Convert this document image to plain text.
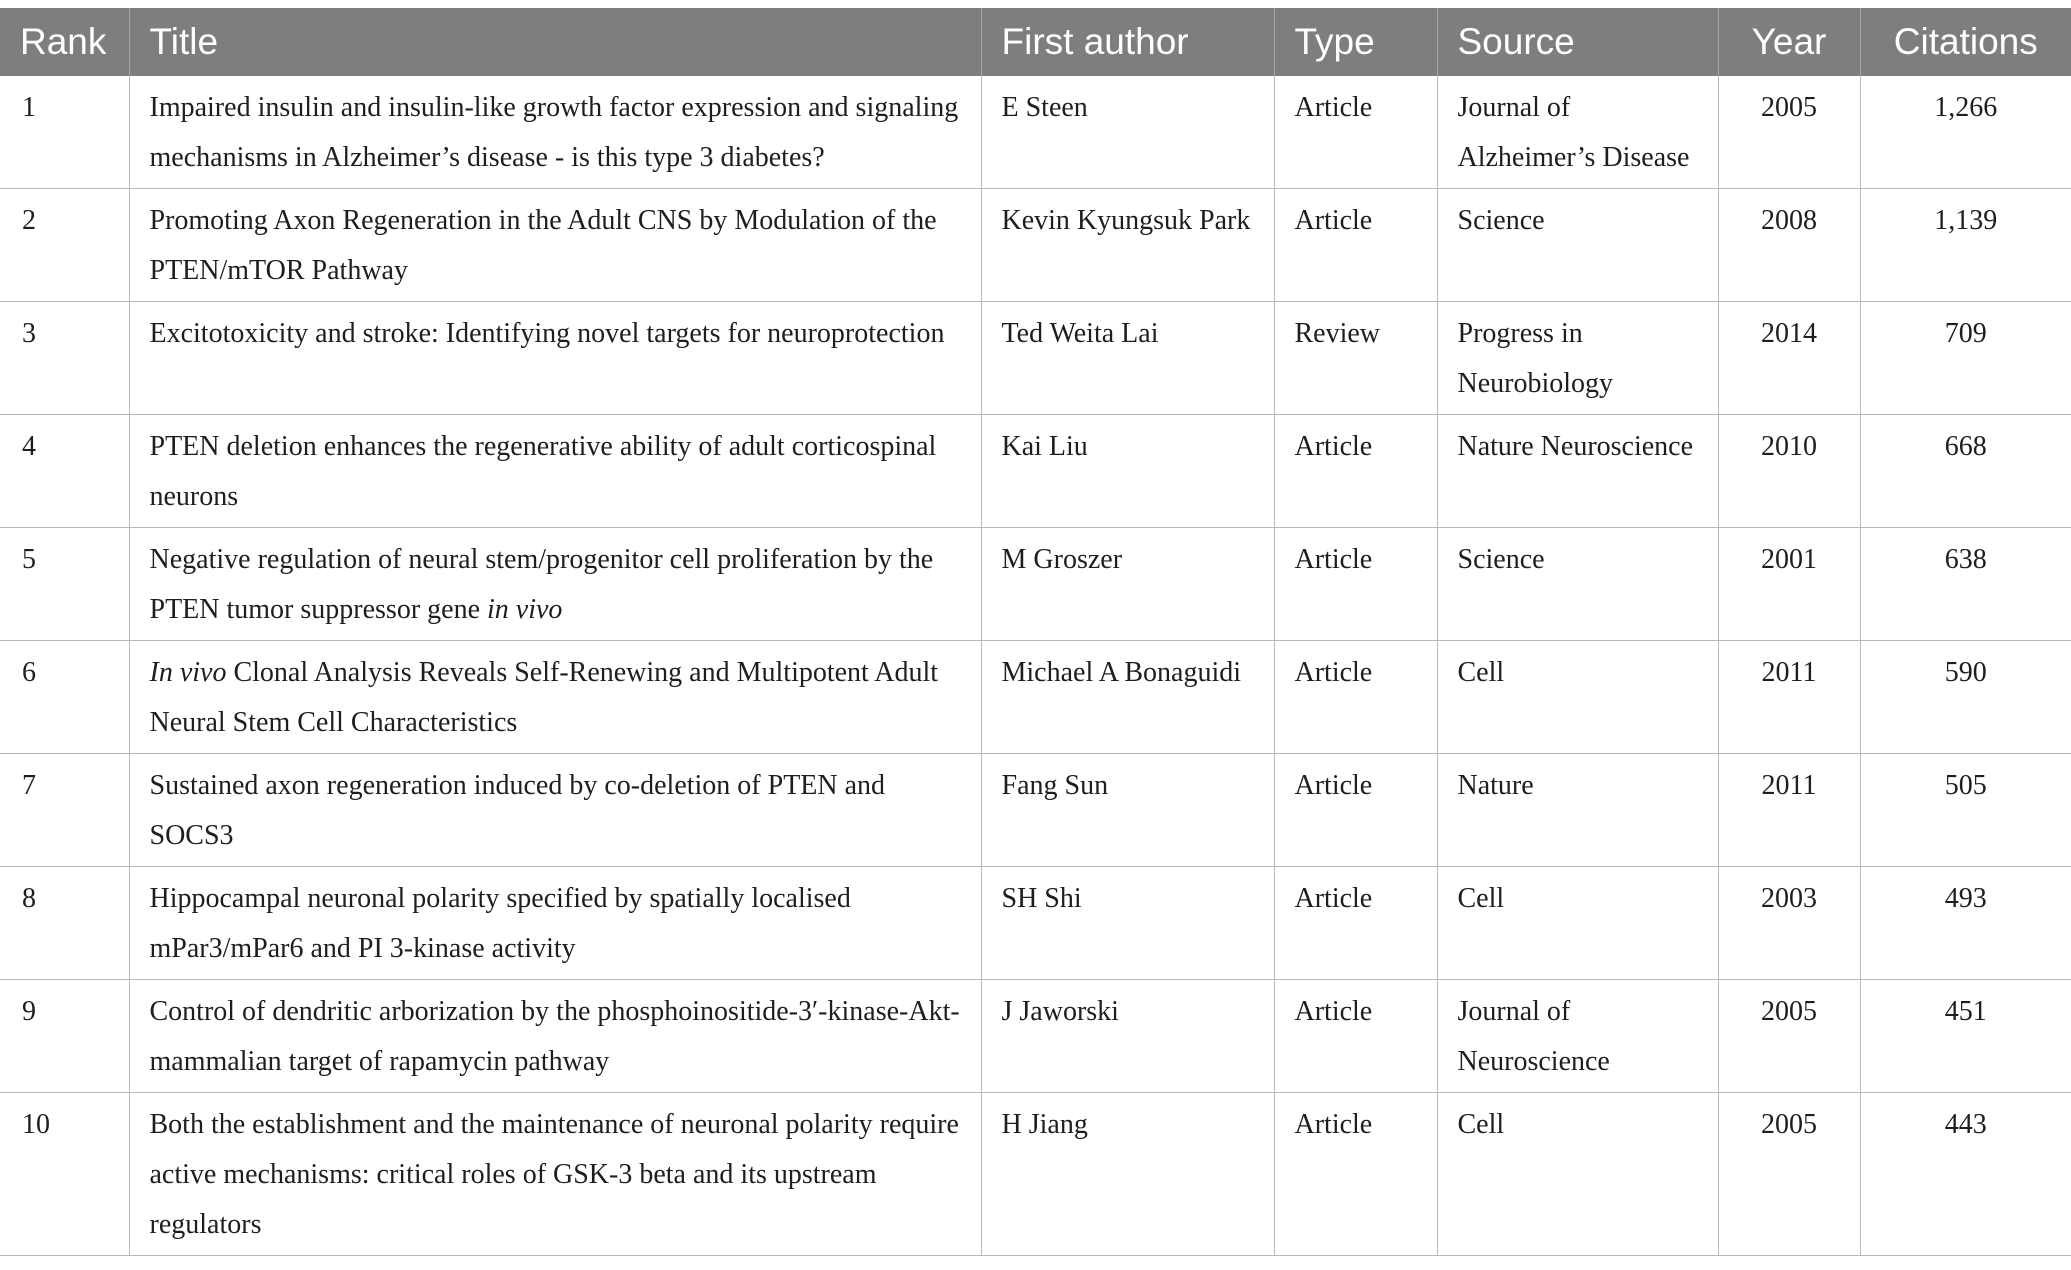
Rank	Title	First author	Type	Source	Year	Citations
1	Impaired insulin and insulin-like growth factor expression and signaling mechanisms in Alzheimer’s disease - is this type 3 diabetes?	E Steen	Article	Journal of Alzheimer’s Disease	2005	1,266
2	Promoting Axon Regeneration in the Adult CNS by Modulation of the PTEN/mTOR Pathway	Kevin Kyungsuk Park	Article	Science	2008	1,139
3	Excitotoxicity and stroke: Identifying novel targets for neuroprotection	Ted Weita Lai	Review	Progress in Neurobiology	2014	709
4	PTEN deletion enhances the regenerative ability of adult corticospinal neurons	Kai Liu	Article	Nature Neuroscience	2010	668
5	Negative regulation of neural stem/progenitor cell proliferation by the PTEN tumor suppressor gene in vivo	M Groszer	Article	Science	2001	638
6	In vivo Clonal Analysis Reveals Self-Renewing and Multipotent Adult Neural Stem Cell Characteristics	Michael A Bonaguidi	Article	Cell	2011	590
7	Sustained axon regeneration induced by co-deletion of PTEN and SOCS3	Fang Sun	Article	Nature	2011	505
8	Hippocampal neuronal polarity specified by spatially localised mPar3/mPar6 and PI 3-kinase activity	SH Shi	Article	Cell	2003	493
9	Control of dendritic arborization by the phosphoinositide-3′-kinase-Akt-mammalian target of rapamycin pathway	J Jaworski	Article	Journal of Neuroscience	2005	451
10	Both the establishment and the maintenance of neuronal polarity require active mechanisms: critical roles of GSK-3 beta and its upstream regulators	H Jiang	Article	Cell	2005	443
